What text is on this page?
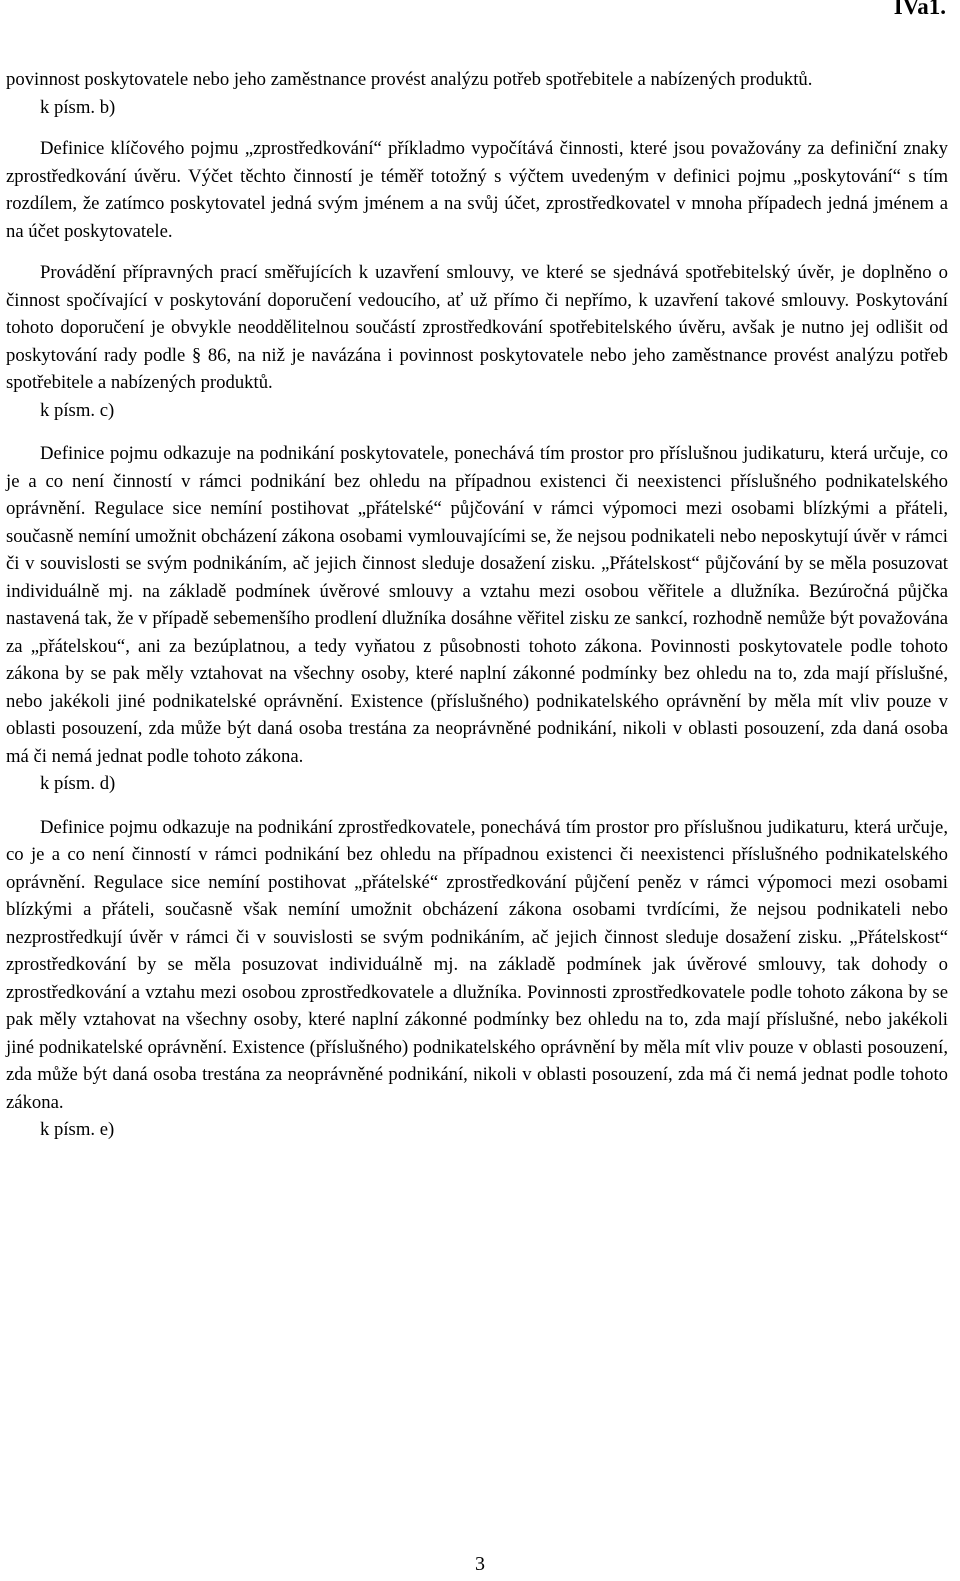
IVa1.

povinnost poskytovatele nebo jeho zaměstnance provést analýzu potřeb spotřebitele a nabízených produktů.

k písm. b)

Definice klíčového pojmu „zprostředkování“ příkladmo vypočítává činnosti, které jsou považovány za definiční znaky zprostředkování úvěru. Výčet těchto činností je téměř totožný s výčtem uvedeným v definici pojmu „poskytování“ s tím rozdílem, že zatímco poskytovatel jedná svým jménem a na svůj účet, zprostředkovatel v mnoha případech jedná jménem a na účet poskytovatele.

Provádění přípravných prací směřujících k uzavření smlouvy, ve které se sjednává spotřebitelský úvěr, je doplněno o činnost spočívající v poskytování doporučení vedoucího, ať už přímo či nepřímo, k uzavření takové smlouvy. Poskytování tohoto doporučení je obvykle neoddělitelnou součástí zprostředkování spotřebitelského úvěru, avšak je nutno jej odlišit od poskytování rady podle § 86, na niž je navázána i povinnost poskytovatele nebo jeho zaměstnance provést analýzu potřeb spotřebitele a nabízených produktů.

k písm. c)

Definice pojmu odkazuje na podnikání poskytovatele, ponechává tím prostor pro příslušnou judikaturu, která určuje, co je a co není činností v rámci podnikání bez ohledu na případnou existenci či neexistenci příslušného podnikatelského oprávnění. Regulace sice nemíní postihovat „přátelské“ půjčování v rámci výpomoci mezi osobami blízkými a přáteli, současně nemíní umožnit obcházení zákona osobami vymlouvajícími se, že nejsou podnikateli nebo neposkytují úvěr v rámci či v souvislosti se svým podnikáním, ač jejich činnost sleduje dosažení zisku. „Přátelskost“ půjčování by se měla posuzovat individuálně mj. na základě podmínek úvěrové smlouvy a vztahu mezi osobou věřitele a dlužníka. Bezúročná půjčka nastavená tak, že v případě sebemenšího prodlení dlužníka dosáhne věřitel zisku ze sankcí, rozhodně nemůže být považována za „přátelskou“, ani za bezúplatnou, a tedy vyňatou z působnosti tohoto zákona. Povinnosti poskytovatele podle tohoto zákona by se pak měly vztahovat na všechny osoby, které naplní zákonné podmínky bez ohledu na to, zda mají příslušné, nebo jakékoli jiné podnikatelské oprávnění. Existence (příslušného) podnikatelského oprávnění by měla mít vliv pouze v oblasti posouzení, zda může být daná osoba trestána za neoprávněné podnikání, nikoli v oblasti posouzení, zda daná osoba má či nemá jednat podle tohoto zákona.

k písm. d)

Definice pojmu odkazuje na podnikání zprostředkovatele, ponechává tím prostor pro příslušnou judikaturu, která určuje, co je a co není činností v rámci podnikání bez ohledu na případnou existenci či neexistenci příslušného podnikatelského oprávnění. Regulace sice nemíní postihovat „přátelské“ zprostředkování půjčení peněz v rámci výpomoci mezi osobami blízkými a přáteli, současně však nemíní umožnit obcházení zákona osobami tvrdícími, že nejsou podnikateli nebo nezprostředkují úvěr v rámci či v souvislosti se svým podnikáním, ač jejich činnost sleduje dosažení zisku. „Přátelskost“ zprostředkování by se měla posuzovat individuálně mj. na základě podmínek jak úvěrové smlouvy, tak dohody o zprostředkování a vztahu mezi osobou zprostředkovatele a dlužníka. Povinnosti zprostředkovatele podle tohoto zákona by se pak měly vztahovat na všechny osoby, které naplní zákonné podmínky bez ohledu na to, zda mají příslušné, nebo jakékoli jiné podnikatelské oprávnění. Existence (příslušného) podnikatelského oprávnění by měla mít vliv pouze v oblasti posouzení, zda může být daná osoba trestána za neoprávněné podnikání, nikoli v oblasti posouzení, zda má či nemá jednat podle tohoto zákona.

k písm. e)

3
